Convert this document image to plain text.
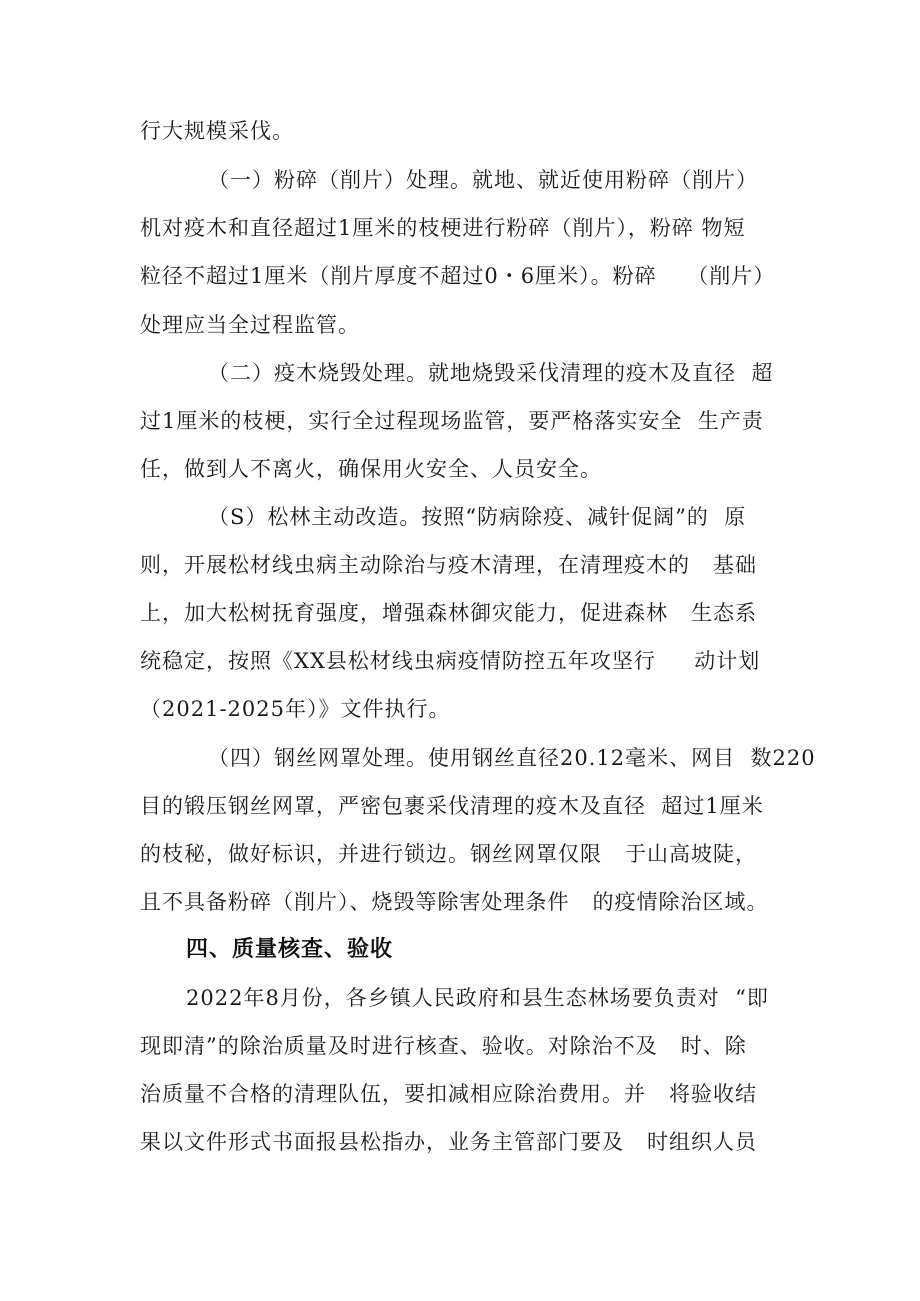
行大规模采伐。
（一）粉碎（削片）处理。就地、就近使用粉碎（削片）
机对疫木和直径超过1厘米的枝梗进行粉碎（削片），粉碎 物短
粒径不超过1厘米（削片厚度不超过0・6厘米）。粉碎    （削片）
处理应当全过程监管。
（二）疫木烧毁处理。就地烧毁采伐清理的疫木及直径  超
过1厘米的枝梗，实行全过程现场监管，要严格落实安全  生产责
任，做到人不离火，确保用火安全、人员安全。
（S）松林主动改造。按照“防病除疫、减针促阔”的  原
则，开展松材线虫病主动除治与疫木清理，在清理疫木的   基础
上，加大松树抚育强度，增强森林御灾能力，促进森林   生态系
统稳定，按照《XX县松材线虫病疫情防控五年攻坚行     动计划
（2021-2025年）》文件执行。
（四）钢丝网罩处理。使用钢丝直径20.12毫米、网目  数220
目的锻压钢丝网罩，严密包裹采伐清理的疫木及直径  超过1厘米
的枝秘，做好标识，并进行锁边。钢丝网罩仅限   于山高坡陡，
且不具备粉碎（削片）、烧毁等除害处理条件   的疫情除治区域。
四、质量核查、验收
2022年8月份，各乡镇人民政府和县生态林场要负责对  “即
现即清”的除治质量及时进行核查、验收。对除治不及   时、除
治质量不合格的清理队伍，要扣减相应除治费用。并   将验收结
果以文件形式书面报县松指办，业务主管部门要及   时组织人员
